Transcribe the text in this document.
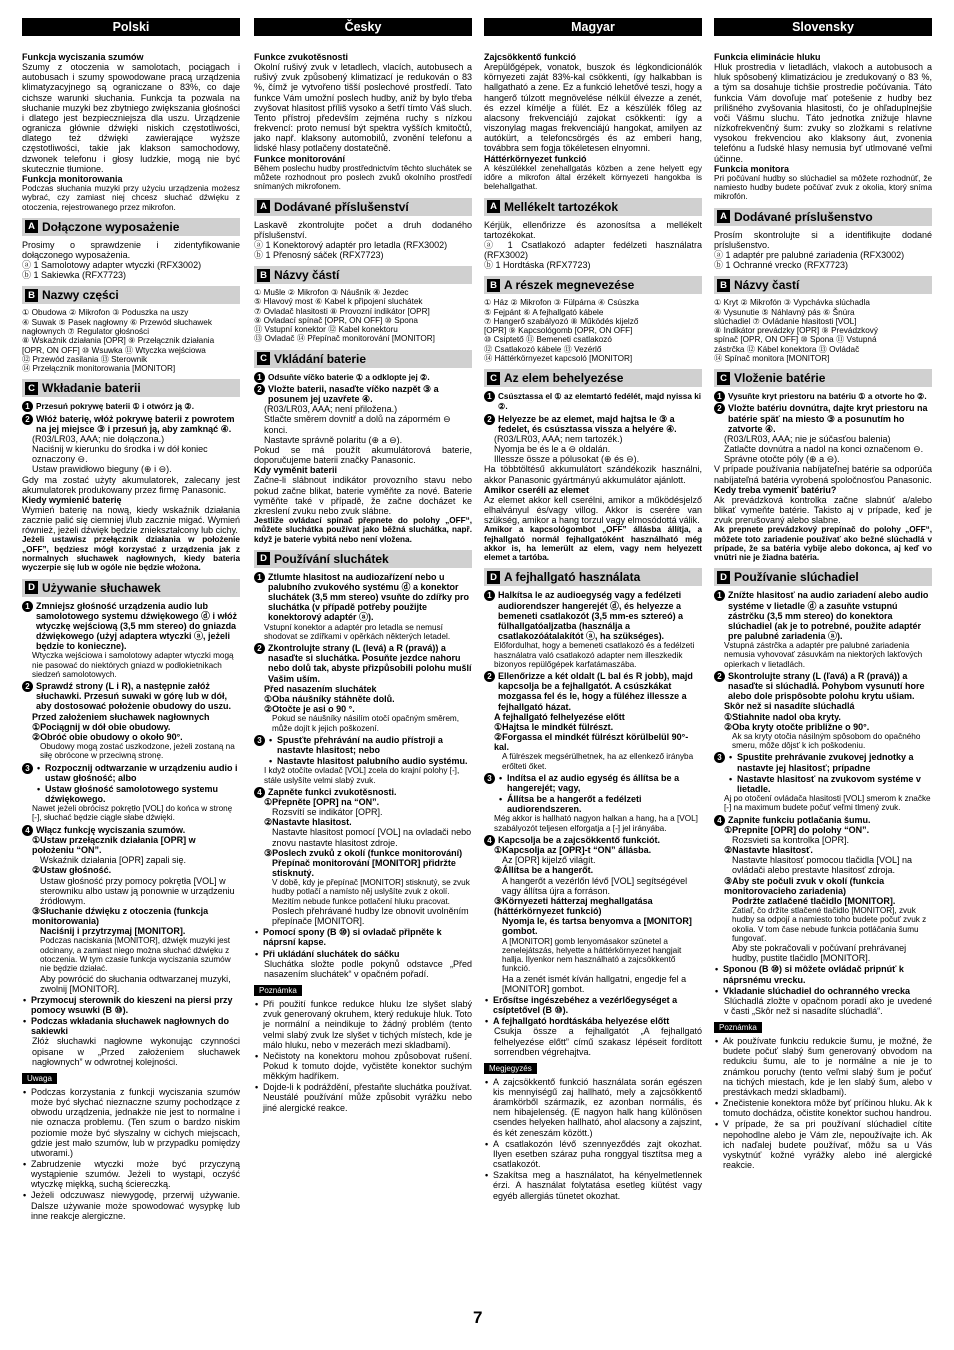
Polski
Funkcja wyciszania szumów
Szumy z otoczenia w samolotach, pociągach i autobusach i szumy spowodowane pracą urządzenia klimatyzacyjnego są ograniczane o 83%, co daje cichsze warunki słuchania. Funkcja ta pozwala na słuchanie muzyki bez zbytniego zwiększania głośności i dlatego jest bezpieczniejsza dla uszu. Urządzenie ogranicza głównie dźwięki niskich częstotliwości, dlatego też dźwięki zawierające wyższe częstotliwości, takie jak klakson samochodowy, dzwonek telefonu i głosy ludzkie, mogą nie być skutecznie tłumione.
Funkcja monitorowania
Podczas słuchania muzyki przy użyciu urządzenia możesz wybrać, czy zamiast niej chcesz słuchać dźwięku z otoczenia, rejestrowanego przez mikrofon.
A Dołączone wyposażenie
Prosimy o sprawdzenie i zidentyfikowanie dołączonego wyposażenia.
ⓐ 1 Samolotowy adapter wtyczki (RFX3002)
ⓑ 1 Sakiewka (RFX7723)
B Nazwy części
① Obudowa ② Mikrofon ③ Poduszka na uszy
④ Suwak ⑤ Pasek nagłowny ⑥ Przewód słuchawek
nagłownych ⑦ Regulator głośności
⑧ Wskaźnik działania [OPR] ⑨ Przełącznik działania
[OPR, ON OFF] ⑩ Wsuwka ⑪ Wtyczka wejściowa
⑫ Przewód zasilania ⑬ Sterownik
⑭ Przełącznik monitorowania [MONITOR]
C Wkładanie baterii
1 Przesuń pokrywę baterii ① i otwórz ją ②.
2 Włóż baterię, włóż pokrywę baterii z powrotem na jej miejsce ③ i przesuń ją, aby zamknąć ④.
(R03/LR03, AAA; nie dołączona.)
Naciśnij w kierunku do środka i w dół koniec oznaczony ⊖.
Ustaw prawidłowo bieguny (⊕ i ⊖).
Gdy ma zostać użyty akumulatorek, zalecany jest akumulatorek produkowany przez firmę Panasonic.
Kiedy wymienić baterię
Wymień baterię na nową, kiedy wskaźnik działania zacznie palić się ciemniej i/lub zacznie migać. Wymień również, jeżeli dźwięk będzie zniekształcony lub cichy.
Jeżeli ustawisz przełącznik działania w położenie „OFF”, będziesz mógł korzystać z urządzenia jak z normalnych słuchawek nagłownych, kiedy bateria wyczerpie się lub w ogóle nie będzie włożona.
D Używanie słuchawek
1 Zmniejsz głośność urządzenia audio lub samolotowego systemu dźwiękowego ⓓ i włóż wtyczkę wejściową (3,5 mm stereo) do gniazda dźwiękowego (użyj adaptera wtyczki ⓐ, jeżeli będzie to konieczne).
Wtyczka wejściowa i samolotowy adapter wtyczki mogą nie pasować do niektórych gniazd w podłokietnikach siedzeń samolotowych.
2 Sprawdź strony (L i R), a następnie załóż słuchawki. Przesuń suwaki w górę lub w dół, aby dostosować położenie obudowy do uszu.
Przed założeniem słuchawek nagłownych
①Pociągnij w dół obie obudowy.
②Obróć obie obudowy o około 90°.
Obudowy mogą zostać uszkodzone, jeżeli zostaną na siłę obrócone w przeciwną stronę.
3	• Rozpocznij odtwarzanie w urządzeniu audio i ustaw głośność; albo
• Ustaw głośność samolotowego systemu dźwiękowego.
Nawet jeżeli obrócisz pokrętło [VOL] do końca w stronę [-], słuchać będzie ciągle słabe dźwięki.
4 Włącz funkcję wyciszania szumów.
①Ustaw przełącznik działania [OPR] w położeniu “ON”.
Wskaźnik działania [OPR] zapali się.
②Ustaw głośność.
Ustaw głośność przy pomocy pokrętła [VOL] w sterowniku albo ustaw ją ponownie w urządzeniu źródłowym.
③Słuchanie dźwięku z otoczenia (funkcja monitorowania)
Naciśnij i przytrzymaj [MONITOR].
Podczas naciskania [MONITOR], dźwięk muzyki jest odcinany, a zamiast niego można słuchać dźwięku z otoczenia. W tym czasie funkcja wyciszania szumów nie będzie działać.
Aby powrócić do słuchania odtwarzanej muzyki, zwolnij [MONITOR].
• Przymocuj sterownik do kieszeni na piersi przy pomocy wsuwki (B ⑩).
• Podczas wkładania słuchawek nagłownych do sakiewki
Złóż słuchawki nagłowne wykonując czynności opisane w „Przed założeniem słuchawek nagłownych” w odwrotnej kolejności.
Uwaga
• Podczas korzystania z funkcji wyciszania szumów może być słychać nieznaczne szumy pochodzące z obwodu urządzenia, jednakże nie jest to normalne i nie oznacza problemu. (Ten szum o bardzo niskim poziomie może być słyszalny w cichych miejscach, gdzie jest mało szumów, lub w przypadku pomiędzy utworami.)
• Zabrudzenie wtyczki może być przyczyną wystąpienie szumów. Jeżeli to wystąpi, oczyść wtyczkę miękką, suchą ściereczką.
• Jeżeli odczuwasz niewygodę, przerwij używanie. Dalsze używanie może spowodować wysypkę lub inne reakcje alergiczne.
Česky
Funkce zvukotěsnosti
Okolní rušivý zvuk v letadlech, vlacích, autobusech a rušivý zvuk způsobený klimatizací je redukován o 83 %, čímž je vytvořeno tišší poslechové prostředí. Tato funkce Vám umožní poslech hudby, aniž by bylo třeba zvyšovat hlasitost příliš vysoko a šetří tímto Váš sluch. Tento přístroj především zejména ruchy s nízkou frekvencí: proto nemusí být spektra vyšších kmitočtů, jako např. klaksony automobilů, zvonění telefonu a lidské hlasy potlačeny dostatečně.
Funkce monitorování
Během poslechu hudby prostřednictvím těchto sluchátek se můžete rozhodnout pro poslech zvuků okolního prostředí snímaných mikrofonem.
A Dodávané příslušenství
Laskavě zkontrolujte počet a druh dodaného příslušenství.
ⓐ 1 Konektorový adaptér pro letadla (RFX3002)
ⓑ 1 Přenosný sáček (RFX7723)
B Názvy částí
① Mušle ② Mikrofon ③ Náušník ④ Jezdec
⑤ Hlavový most ⑥ Kabel k připojení sluchátek
⑦ Ovladač hlasitosti ⑧ Provozní indikátor [OPR]
⑨ Ovladací spínač [OPR, ON OFF] ⑩ Spona
⑪ Vstupní konektor ⑫ Kabel konektoru
⑬ Ovladač ⑭ Přepínač monitorování [MONITOR]
C Vkládání baterie
1 Odsuňte víčko baterie ① a odklopte jej ②.
2 Vložte baterii, nasaďte víčko nazpět ③ a posunem jej uzavřete ④.
(R03/LR03, AAA; není přiložena.)
Stlačte směrem dovnitř a dolů na zápormém ⊖ konci.
Nastavte správně polaritu (⊕ a ⊖).
Pokud se má použít akumulátorová baterie, doporučujeme baterii značky Panasonic.
Kdy vyměnit baterii
Začne-li slábnout indikátor provozního stavu nebo pokud začne blikat, baterie vyměňte za nové. Baterie vyměňte také v případě, že začne docházet ke zkreslení zvuku nebo zvuk slábne.
Jestliže ovládací spínač přepnete do polohy „OFF“, můžete sluchátka používat jako běžná sluchátka, např. když je baterie vybitá nebo není vložena.
D Používání sluchátek
1 Ztlumte hlasitost na audiozařízení nebo u palubního zvukového systému ⓓ a konektor sluchátek (3,5 mm stereo) vsuňte do zdířky pro sluchátka (v případě potřeby použijte konektorový adaptér ⓐ).
Vstupní konektor a adaptér pro letadla se nemusí shodovat se zdířkami v opěrkách některých letadel.
2 Zkontrolujte strany (L (levá) a R (pravá)) a nasaďte si sluchátka. Posuňte jezdce nahoru nebo dolů tak, abyste přizpůsobili polohu mušlí Vašim uším.
Před nasazením sluchátek
①Oba náušníky stáhněte dolů.
②Otočte je asi o 90 °.
Pokud se náušníky násilím otočí opačným směrem, může dojít k jejich poškození.
3	• Spusťte přehrávání na audio přístroji a nastavte hlasitost; nebo
• Nastavte hlasitost palubního audio systému.
I když otočíte ovladač [VOL] zcela do krajní polohy [-], stále uslyšíte velmi slabý zvuk.
4 Zapněte funkci zvukotěsnosti.
①Přepněte [OPR] na “ON”.
Rozsvítí se indikátor [OPR].
②Nastavte hlasitost.
Nastavte hlasitost pomocí [VOL] na ovladači nebo znovu nastavte hlasitost zdroje.
③Poslech zvuků z okolí (funkce monitorování)
Přepínač monitorování [MONITOR] přidržte stisknutý.
V době, kdy je přepínač [MONITOR] stisknutý, se zvuk hudby potlačí a namísto něj uslyšíte zvuk z okolí. Mezitím nebude funkce potlačení hluku pracovat.
Poslech přehrávané hudby lze obnovit uvolněním přepínače [MONITOR].
• Pomocí spony (B ⑩) si ovladač připněte k náprsní kapse.
• Při ukládání sluchátek do sáčku
Sluchátka složte podle pokynů odstavce „Před nasazením sluchátek“ v opačném pořadí.
Poznámka
• Při použití funkce redukce hluku lze slyšet slabý zvuk generovaný okruhem, který redukuje hluk. Toto je normální a neindikuje to žádný problém (tento velmi slabý zvuk lze slyšet v tichých místech, kde je málo hluku, nebo v mezerách mezi skladbami).
• Nečistoty na konektoru mohou způsobovat rušení. Pokud k tomuto dojde, vyčistěte konektor suchým měkkým hadříkem.
• Dojde-li k podráždění, přestaňte sluchátka používat. Neustálé používání může způsobit vyrážku nebo jiné alergické reakce.
Magyar
Zajcsökkentő funkció
Arepülőgépek, vonatok, buszok és légkondicionálók környezeti zaját 83%-kal csökkenti, így halkabban is hallgatható a zene. Ez a funkció lehetővé teszi, hogy a hangerő túlzott megnövelése nélkül élvezze a zenét, és ezzel kímélje a fülét. Ez a készülék főleg az alacsony frekvenciájú zajokat csökkenti: így a viszonylag magas frekvenciájú hangokat, amilyen az autókürt, a telefoncsörgés és az emberi hang, továbbra sem fogja tökéletesen elnyomni.
Háttérkörnyezet funkció
A készülékkel zenehallgatás közben a zene helyett egy időre a mikrofon által érzékelt környezeti hangokba is belehallgathat.
A Mellékelt tartozékok
Kérjük, ellenőrizze és azonosítsa a mellékelt tartozékokat.
ⓐ 1 Csatlakozó adapter fedélzeti használatra (RFX3002)
ⓑ 1 Hordtáska (RFX7723)
B A részek megnevezése
① Ház ② Mikrofon ③ Fülpárna ④ Csúszka
⑤ Fejpánt ⑥ A fejhallgató kábele
⑦ Hangerő szabályozó ⑧ Működés kijelző
[OPR] ⑨ Kapcsológomb [OPR, ON OFF]
⑩ Csiptető ⑪ Bemeneti csatlakozó
⑫ Csatlakozó kábele ⑬ Vezérlő
⑭ Háttérkörnyezet kapcsoló [MONITOR]
C Az elem behelyezése
1 Csúsztassa el ① az elemtartó fedélét, majd nyissa ki ②.
2 Helyezze be az elemet, majd hajtsa le ③ a fedelet, és csúsztassa vissza a helyére ④.
(R03/LR03, AAA; nem tartozék.)
Nyomja be és le a ⊖ oldalán.
Illessze össze a pólusokat (⊕ és ⊖).
Ha többtöltésű akkumulátort szándékozik használni, akkor Panasonic gyártmányú akkumulátor ajánlott.
Amikor cseréli az elemet
Az elemet akkor kell cserélni, amikor a működésjelző elhalványul és/vagy villog. Akkor is cserére van szükség, amikor a hang torzul vagy elmosódottá válik.
Amikor a kapcsológombot „OFF” állásba állítja, a fejhallgató normál fejhallgatóként használható még akkor is, ha lemerült az elem, vagy nem helyezett elemet a tartóba.
D A fejhallgató használata
1 Halkítsa le az audioegység vagy a fedélzeti audiorendszer hangerejét ⓓ, és helyezze a bemeneti csatlakozót (3,5 mm-es sztereó) a fülhallgatóaljzatba (használja a csatlakozóátalakítót ⓐ, ha szükséges).
Előfordulhat, hogy a bemeneti csatlakozó és a fedélzeti használatra való csatlakozó adapter nem illeszkedik bizonyos repülőgépek karfatámaszába.
2 Ellenőrizze a két oldalt (L bal és R jobb), majd kapcsolja be a fejhallgatót. A csúszkákat mozgassa fel és le, hogy a füléhez illessze a fejhallgató házat.
A fejhallgató felhelyezése előtt
①Hajtsa le mindkét fülrészt.
②Forgassa el mindkét fülrészt körülbelül 90°-kal.
A fülrészek megsérülhetnek, ha az ellenkező irányba erőlteti őket.
3	• Indítsa el az audio egység és állítsa be a hangerejét; vagy,
• Állítsa be a hangerőt a fedélzeti audiorendszeren.
Még akkor is hallható nagyon halkan a hang, ha a [VOL] szabályozót teljesen elforgatja a [-] jel irányába.
4 Kapcsolja be a zajcsökkentő funkciót.
①Kapcsolja az [OPR]-t “ON” állásba.
Az [OPR] kijelző világít.
②Állítsa be a hangerőt.
A hangerőt a vezérlőn lévő [VOL] segítségével vagy állítsa újra a forráson.
③Környezeti hátterzaj meghallgatása (háttérkörnyezet funkció)
Nyomja le, és tartsa benyomva a [MONITOR] gombot.
A [MONITOR] gomb lenyomásakor szünetel a zenelejátszás, helyette a háttérkörnyezet hangjait hallja. Ilyenkor nem használható a zajcsökkentő funkció.
Ha a zenét ismét kíván hallgatni, engedje fel a [MONITOR] gombot.
• Erősítse ingészebéhez a vezérlőegységet a csíptetővel (B ⑩).
• A fejhallgató hordtáskába helyezése előtt
Csukja össze a fejhallgatót „A fejhallgató felhelyezése előtt” című szakasz lépéseit fordított sorrendben végrehajtva.
Megjegyzés
• A zajcsökkentő funkció használata során egészen kis mennyiségű zaj hallható, mely a zajcsökkentő áramkörből származik, ez azonban normális, és nem hibajelenség. (E nagyon halk hang különösen csendes helyeken hallható, ahol alacsony a zajszint, és két zeneszám között.)
• A csatlakozón lévő szennyeződés zajt okozhat. Ilyen esetben száraz puha ronggyal tisztítsa meg a csatlakozót.
• Szakítsa meg a használatot, ha kényelmetlennek érzi. A használat folytatása esetleg kiütést vagy egyéb allergiás tünetet okozhat.
Slovensky
Funkcia eliminácie hluku
Hluk prostredia v lietadlách, vlakoch a autobusoch a hluk spôsobený klimatizáciou je zredukovaný o 83 %, a tým sa dosahuje tichšie prostredie počúvania. Táto funkcia Vám dovoľuje mať potešenie z hudby bez prílišného zvyšovania hlasitosti, čo je ohľaduplnejšie voči Vášmu sluchu. Táto jednotka znižuje hlavne nízkofrekvenčný šum: zvuky so zložkami s relatívne vysokou frekvenciou ako klaksony áut, zvonenia telefónu a ľudské hlasy nemusia byť utlmované veľmi účinne.
Funkcia monitora
Pri počúvaní hudby so slúchadiel sa môžete rozhodnúť, že namiesto hudby budete počúvať zvuk z okolia, ktorý sníma mikrofón.
A Dodávané príslušenstvo
Prosím skontrolujte si a identifikujte dodané príslušenstvo.
ⓐ 1 adaptér pre palubné zariadenia (RFX3002)
ⓑ 1 Ochranné vrecko (RFX7723)
B Názvy častí
① Kryt ② Mikrofón ③ Vypchávka slúchadla
④ Vysunutie ⑤ Náhlavný pás ⑥ Šnúra
slúchadiel ⑦ Ovládanie hlasitosti [VOL]
⑧ Indikátor prevádzky [OPR] ⑨ Prevádzkový
spínač [OPR, ON OFF] ⑩ Spona ⑪ Vstupná
zástrčka ⑫ Kábel konektora ⑬ Ovládač
⑭ Spínač monitora [MONITOR]
C Vloženie batérie
1 Vysuňte kryt priestoru na batériu ① a otvorte ho ②.
2 Vložte batériu dovnútra, dajte kryt priestoru na batérie späť na miesto ③ a posunutím ho zatvorte ④.
(R03/LR03, AAA; nie je súčasťou balenia)
Zatlačte dovnútra a nadol na konci označenom ⊖.
Správne otočte póly (⊕ a ⊖).
V prípade používania nabíjateľnej batérie sa odporúča nabíjateľná batéria vyrobená spoločnosťou Panasonic.
Kedy treba vymeniť batériu?
Ak prevádzková kontrolka začne slabnúť a/alebo blikať vymeňte batérie. Takisto aj v prípade, keď je zvuk prerušovaný alebo slabne.
Ak prepnete prevádzkový prepínač do polohy „OFF“, môžete toto zariadenie používať ako bežné slúchadlá v prípade, že sa batéria vybije alebo dokonca, aj keď vo vnútri nie je žiadna batéria.
D Používanie slúchadiel
1 Znížte hlasitosť na audio zariadení alebo audio systéme v lietadle ⓓ a zasuňte vstupnú zástrčku (3,5 mm stereo) do konektora slúchadiel (ak je to potrebné, použite adaptér pre palubné zariadenia ⓐ).
Vstupná zástrčka a adaptér pre palubné zariadenia nemusia vyhovovať zásuvkám na niektorých lakťových opierkach v lietadlách.
2 Skontrolujte strany (L (ľavá) a R (pravá)) a nasaďte si slúchadlá. Pohybom vysunutí hore alebo dole prispôsobte polohu krytu ušiam.
Skôr než si nasadíte slúchadlá
①Stiahnite nadol oba kryty.
②Oba kryty otočte približne o 90°.
Ak sa kryty otočia násilným spôsobom do opačného smeru, môže dôjsť k ich poškodeniu.
3	• Spustite prehrávanie zvukovej jednotky a nastavte jej hlasitosť; prípadne
• Nastavte hlasitosť na zvukovom systéme v lietadle.
Aj po otočení ovládača hlasitosti [VOL] smerom k značke [-] na maximum budete počuť veľmi tlmený zvuk.
4 Zapnite funkciu potlačania šumu.
①Prepnite [OPR] do polohy “ON”.
Rozsvieti sa kontrolka [OPR].
②Nastavte hlasitosť.
Nastavte hlasitosť pomocou tlačidla [VOL] na ovládači alebo prestavte hlasitosť zdroja.
③Aby ste počuli zvuk v okolí (funkcia monitorovacieho zariadenia)
Podržte zatlačené tlačidlo [MONITOR].
Zatiaľ, čo držíte stlačené tlačidlo [MONITOR], zvuk hudby sa odpojí a namiesto toho budete počuť zvuk z okolia. V tom čase nebude funkcia potláčania šumu fungovať.
Aby ste pokračovali v počúvaní prehrávanej hudby, pustite tlačidlo [MONITOR].
• Sponou (B ⑩) si môžete ovládač pripnúť k náprsnému vrecku.
• Vkladanie slúchadiel do ochranného vrecka
Slúchadlá zložte v opačnom poradí ako je uvedené v časti „Skôr než si nasadíte slúchadlá“.
Poznámka
• Ak používate funkciu redukcie šumu, je možné, že budete počuť slabý šum generovaný obvodom na redukciu šumu, ale to je normálne a nie je to známkou poruchy (tento veľmi slabý šum je počuť na tichých miestach, kde je len slabý šum, alebo v prestávkach medzi skladbami).
• Znečistenie konektora môže byť príčinou hluku. Ak k tomuto dochádza, očistite konektor suchou handrou.
• V prípade, že sa pri používaní slúchadiel cítite nepohodlne alebo je Vám zle, nepoužívajte ich. Ak ich naďalej budete používať, môžu sa u Vás vyskytnúť kožné vyrážky alebo iné alergické reakcie.
7
